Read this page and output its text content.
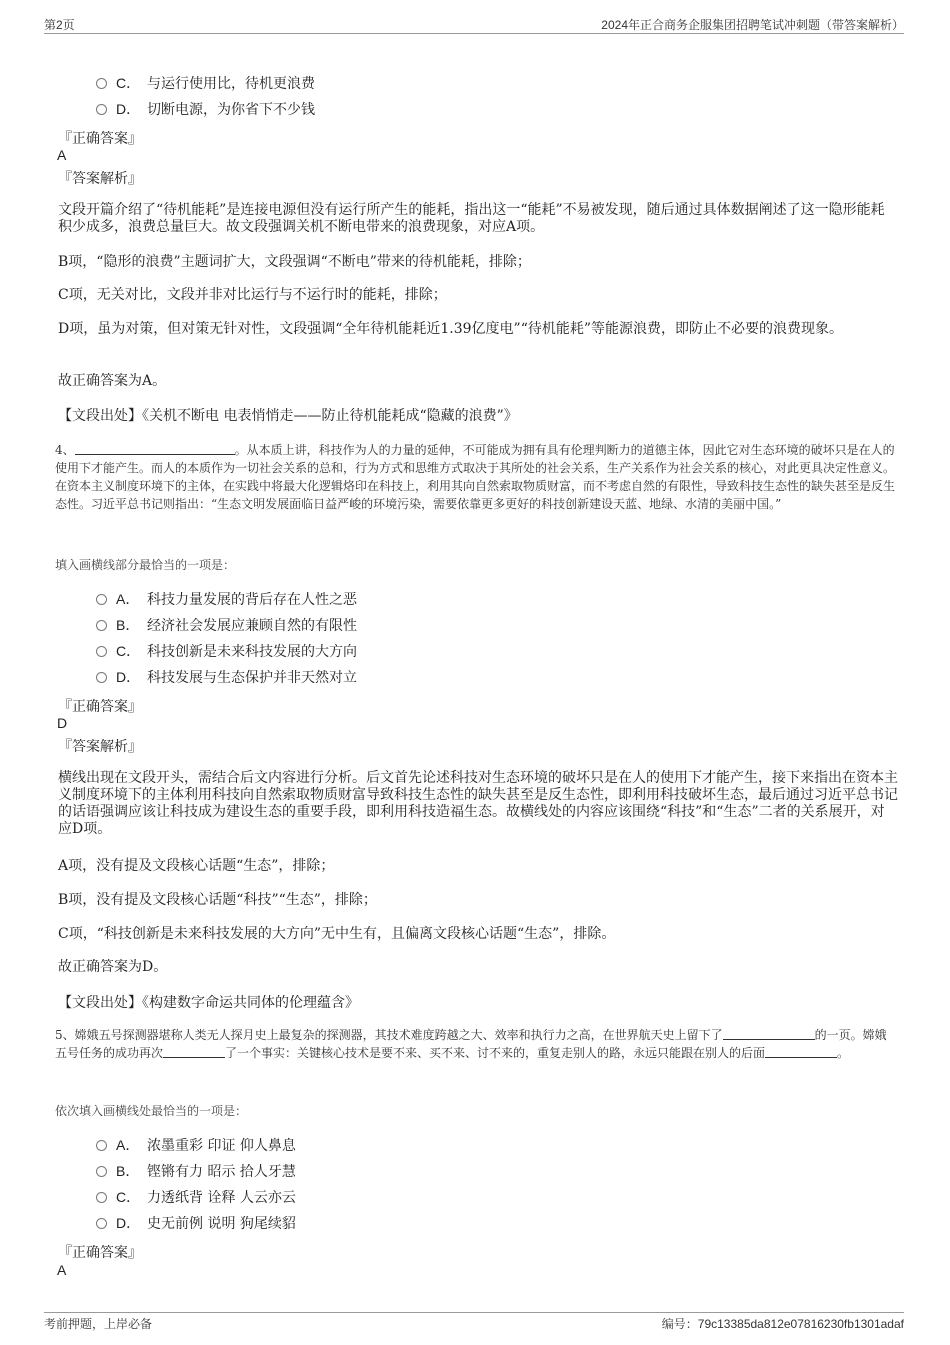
第2页	2024年正合商务企服集团招聘笔试冲刺题（带答案解析）
C． 与运行使用比，待机更浪费
D． 切断电源，为你省下不少钱
『正确答案』
A
『答案解析』
文段开篇介绍了“待机能耗”是连接电源但没有运行所产生的能耗，指出这一“能耗”不易被发现，随后通过具体数据阐述了这一隐形能耗积少成多，浪费总量巨大。故文段强调关机不断电带来的浪费现象，对应A项。
B项，“隐形的浪费”主题词扩大，文段强调“不断电”带来的待机能耗，排除；
C项，无关对比，文段并非对比运行与不运行时的能耗，排除；
D项，虽为对策，但对策无针对性，文段强调“全年待机能耗近1.39亿度电”“待机能耗”等能源浪费，即防止不必要的浪费现象。
故正确答案为A。
【文段出处】《关机不断电 电表悄悄走——防止待机能耗成“隐藏的浪费”》
4、	。从本质上讲，科技作为人的力量的延伸，不可能成为拥有具有伦理判断力的道德主体，因此它对生态环境的破坏只是在人的使用下才能产生。而人的本质作为一切社会关系的总和，行为方式和思维方式取决于其所处的社会关系，生产关系作为社会关系的核心，对此更具决定性意义。在资本主义制度环境下的主体，在实践中将最大化逻辑烙印在科技上，利用其向自然索取物质财富，而不考虑自然的有限性，导致科技生态性的缺失甚至是反生态性。习近平总书记则指出：“生态文明发展面临日益严峻的环境污染，需要依靠更多更好的科技创新建设天蓝、地绿、水清的美丽中国。”
填入画横线部分最恰当的一项是：
A． 科技力量发展的背后存在人性之恶
B． 经济社会发展应兼顾自然的有限性
C． 科技创新是未来科技发展的大方向
D． 科技发展与生态保护并非天然对立
『正确答案』
D
『答案解析』
横线出现在文段开头，需结合后文内容进行分析。后文首先论述科技对生态环境的破坏只是在人的使用下才能产生，接下来指出在资本主义制度环境下的主体利用科技向自然索取物质财富导致科技生态性的缺失甚至是反生态性，即利用科技破坏生态，最后通过习近平总书记的话语强调应该让科技成为建设生态的重要手段，即利用科技造福生态。故横线处的内容应该围绕“科技”和“生态”二者的关系展开，对应D项。
A项，没有提及文段核心话题“生态”，排除；
B项，没有提及文段核心话题“科技”“生态”，排除；
C项，“科技创新是未来科技发展的大方向”无中生有，且偏离文段核心话题“生态”，排除。
故正确答案为D。
【文段出处】《构建数字命运共同体的伦理蕴含》
5、嫦娥五号探测器堪称人类无人探月史上最复杂的探测器，其技术难度跨越之大、效率和执行力之高，在世界航天史上留下了	的一页。嫦娥五号任务的成功再次	了一个事实：关键核心技术是要不来、买不来、讨不来的，重复走别人的路，永远只能跟在别人的后面	。
依次填入画横线处最恰当的一项是：
A． 浓墨重彩 印证 仰人鼻息
B． 铿锵有力 昭示 拾人牙慧
C． 力透纸背 诠释 人云亦云
D． 史无前例 说明 狗尾续貂
『正确答案』
A
考前押题，上岸必备	编号：79c13385da812e07816230fb1301adaf
